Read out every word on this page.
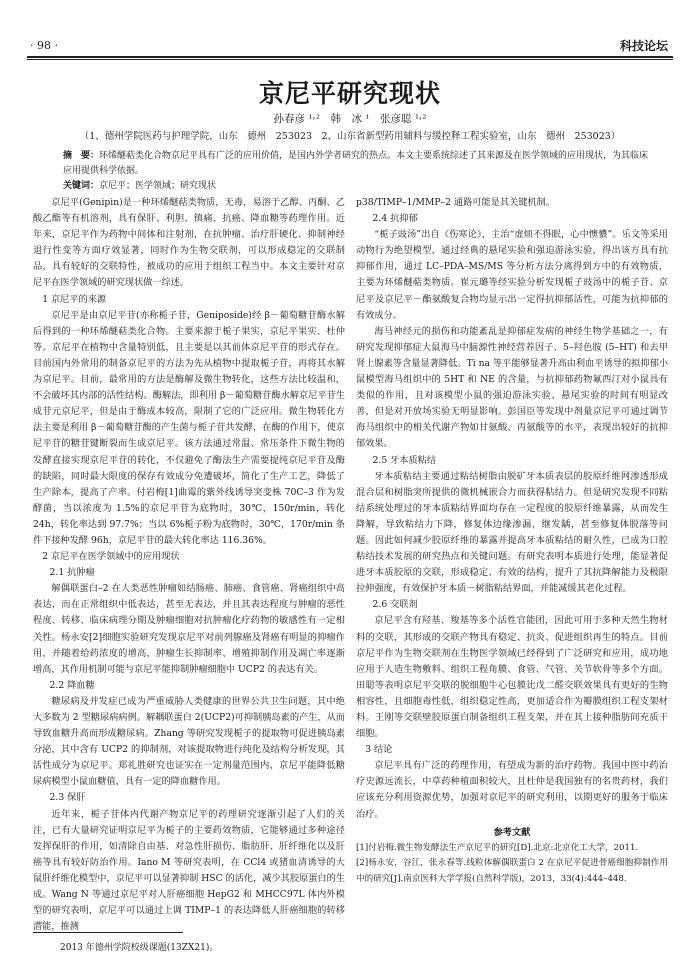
· 98 ·	科技论坛
京尼平研究现状
孙春彦 ¹˒²　韩　冰 ¹　张彦聪 ¹˒²
（1、德州学院医药与护理学院，山东　德州　253023　2、山东省新型药用辅料与缓控释工程实验室，山东　德州　253023）
摘　要：环烯醚萜类化合物京尼平具有广泛的应用价值，是国内外学者研究的热点。本文主要系统综述了其来源及在医学领域的应用现状，为其临床应用提供科学依据。
关键词：京尼平；医学领域；研究现状

京尼平(Genipin)是一种环烯醚萜类物质，无毒，易溶于乙醇、丙酮、乙酸乙酯等有机溶剂，具有保肝、利胆、镇痛、抗癌、降血糖等药理作用。近年来，京尼平作为药物中间体和注射剂，在抗肿瘤、治疗肝硬化、抑制神经退行性变等方面疗效显著，同时作为生物交联剂，可以形成稳定的交联制品，具有较好的交联特性，被成功的应用于组织工程当中。本文主要针对京尼平在医学领域的研究现状做一综述。

1 京尼平的来源

京尼平是由京尼平苷(亦称栀子苷，Geniposide)经 β－葡萄糖苷酶水解后得到的一种环烯醚萜类化合物。主要来源于栀子果实，京尼平果实、杜仲等。京尼平在植物中含量特别低，且主要是以其前体京尼平苷的形式存在。目前国内外常用的制备京尼平的方法为先从植物中提取栀子苷，再将其水解为京尼平。目前，最常用的方法是酶解及微生物转化，这些方法比较温和，不会破坏其内部的活性结构。酶解法，即利用 β－葡萄糖苷酶水解京尼平苷生成苷元京尼平，但是由于酶成本较高，限制了它的广泛应用。微生物转化方法主要是利用 β－葡萄糖苷酶的产生菌与栀子苷共发酵，在酶的作用下，使京尼平苷的糖苷键断裂而生成京尼平。该方法通过常温、常压条件下微生物的发酵直接实现京尼平苷的转化，不仅避免了酶法生产需要提纯京尼平苷及酶的缺陷，同时最大限度的保存有效成分免遭破坏，简化了生产工艺，降低了生产除本，提高了产率。付岩梅[1]曲霉的紫外线诱导突变株 70C–3 作为发酵菌，当以浓度为 1.5%的京尼平苷为底物时，30℃，150r/min，转化 24h，转化率达到 97.7%；当以 6%栀子粉为底物时，30℃，170r/min 条件下接种发酵 96h，京尼平苷的最大转化率达 116.36%。

2 京尼平在医学领域中的应用现状

2.1 抗肿瘤

解偶联蛋白–2 在人类恶性肿瘤如结肠癌、肺癌、食管癌、肾癌组织中高表达，而在正常组织中低表达，甚至无表达，并且其表达程度与肿瘤的恶性程度、转移、临床病理分期及肿瘤细胞对抗肿瘤化疗药物的敏感性有一定相关性。杨永安[2]细胞实验研究发现京尼平对前列腺癌及肾癌有明显的抑瘤作用，并随着给药浓度的增高，肿瘤生长抑制率、增殖抑制作用及凋亡率逐渐增高，其作用机制可能与京尼平能抑制肿瘤细胞中 UCP2 的表达有关。

2.2 降血糖

糖尿病及并发症已成为严重威胁人类健康的世界公共卫生问题，其中绝大多数为 2 型糖尿病病例。解耦联蛋白 2(UCP2)可抑制胰岛素的产生，从而导致血糖升高而形成糖尿病。Zhang 等研究发现栀子的提取物可促进胰岛素分泌，其中含有 UCP2 的抑制剂，对该提取物进行纯化及结构分析发现，其活性成分为京尼平。郑礼胜研究也证实在一定剂量范围内，京尼平能降低糖尿病模型小鼠血糖值，具有一定的降血糖作用。

2.3 保肝

近年来，栀子苷体内代谢产物京尼平的药理研究逐渐引起了人们的关注，已有大量研究证明京尼平为栀子的主要药效物质，它能够通过多种途径发挥保肝的作用，如清除自由基、对急性肝损伤、脂肪肝、肝纤维化以及肝癌等具有较好防治作用。Iano M 等研究表明，在 CCl4 或猪血清诱导的大鼠肝纤维化模型中，京尼平可以显著抑制 HSC 的活化，减少其胶原蛋白的生成。Wang N 等通过京尼平对人肝癌细胞 HepG2 和 MHCC97L 体内外模型的研究表明，京尼平可以通过上调 TIMP–1 的表达降低人肝癌细胞的转移潜能，推测

p38/TIMP–1/MMP–2 通路可能是其关键机制。

2.4 抗抑郁

“栀子豉汤”出自《伤寒论》，主治“虚烦不得眠，心中懊憹”。乐文等采用动物行为绝望模型，通过经典的悬尾实验和强迫游泳实验，得出该方具有抗抑郁作用，通过 LC–PDA–MS/MS 等分析方法分离得到方中的有效物质，主要为环烯醚萜类物质。崔元璐等经实验分析发现栀子豉汤中的栀子苷、京尼平及京尼平－酯氨酸复合物均显示出一定得抗抑郁活性，可能为抗抑郁的有效成分。

海马神经元的损伤和功能紊乱是抑郁症发病的神经生物学基础之一，有研究发现抑郁症大鼠海马中脑源性神经营养因子、5–羟色胺 (5–HT) 和去甲肾上腺素等含量显著降低。Ti na 等平能够显著升高由利血平诱导的拟抑郁小鼠模型海马组织中的 5HT 和 NE 的含量，与抗抑郁药物氟西汀对小鼠具有类似的作用，且对该模型小鼠的强迫游泳实验、悬尾实验的时间有明显改善，但是对开放场实验无明显影响。彭国臣等发现中剂量京尼平可通过调节海马组织中的相关代谢产物如甘氨酸、丙氨酸等的水平，表现出较好的抗抑郁效果。

2.5 牙本质粘结

牙本质粘结主要通过粘结树脂由脱矿牙本质表层的胶原纤维网渗透形成混合层和树脂突所提供的微机械嵌合力而获得粘结力。但是研究发现不同粘结系统处理过的牙本质粘结界面均存在一定程度的胶原纤维暴露，从而发生降解，导致粘结力下降，修复体边缘渗漏，继发龋，甚至修复体脱落等问题。因此如何减少胶原纤维的暴露并提高牙本质粘结的耐久性，已成为口腔粘结技术发展的研究热点和关键问题。有研究表明本质进行处理，能显著促进牙本质胶原的交联，形成稳定、有效的结构，提升了其抗降解能力及极限拉伸强度，有效保护牙本质－树脂粘结界面，并能减缓其老化过程。

2.6 交联剂

京尼平含有羟基、羧基等多个活性官能团，因此可用于多种天然生物材料的交联，其形成的交联产物具有稳定、抗炎、促进组织再生的特点。目前京尼平作为生物交联剂在生物医学领域已经得到了广泛研究和应用，成功地应用于人造生物敷料、组织工程角膜、食管、气管、关节软骨等多个方面。田聪等表明京尼平交联的脱细胞牛心包膜比戊二醛交联效果具有更好的生物相容性，且细胞毒性低，组织稳定性高，更加适合作为瓣膜组织工程支架材料。王刚等交联壁胶原蛋白制备组织工程支架，并在其上接种脂肪间充质干细胞。

3 结论

京尼平具有广泛的药理作用，有望成为新的治疗药物。我国中医中药治疗史源远流长，中草药种植面积较大，且杜仲是我国独有的名贵药材，我们应该充分利用资源优势，加强对京尼平的研究利用，以期更好的服务于临床治疗。

参考文献

[1]付岩梅.微生物发酵法生产京尼平的研究[D].北京:北京化工大学，2011.

[2]杨永安，谷江，张永春等.线粒体解偶联蛋白 2 在京尼平促进骨癌细胞抑制作用中的研究[J].南京医科大学学报(自然科学版)，2013，33(4):444–448.

2013 年德州学院校级课题(13ZX21)。
